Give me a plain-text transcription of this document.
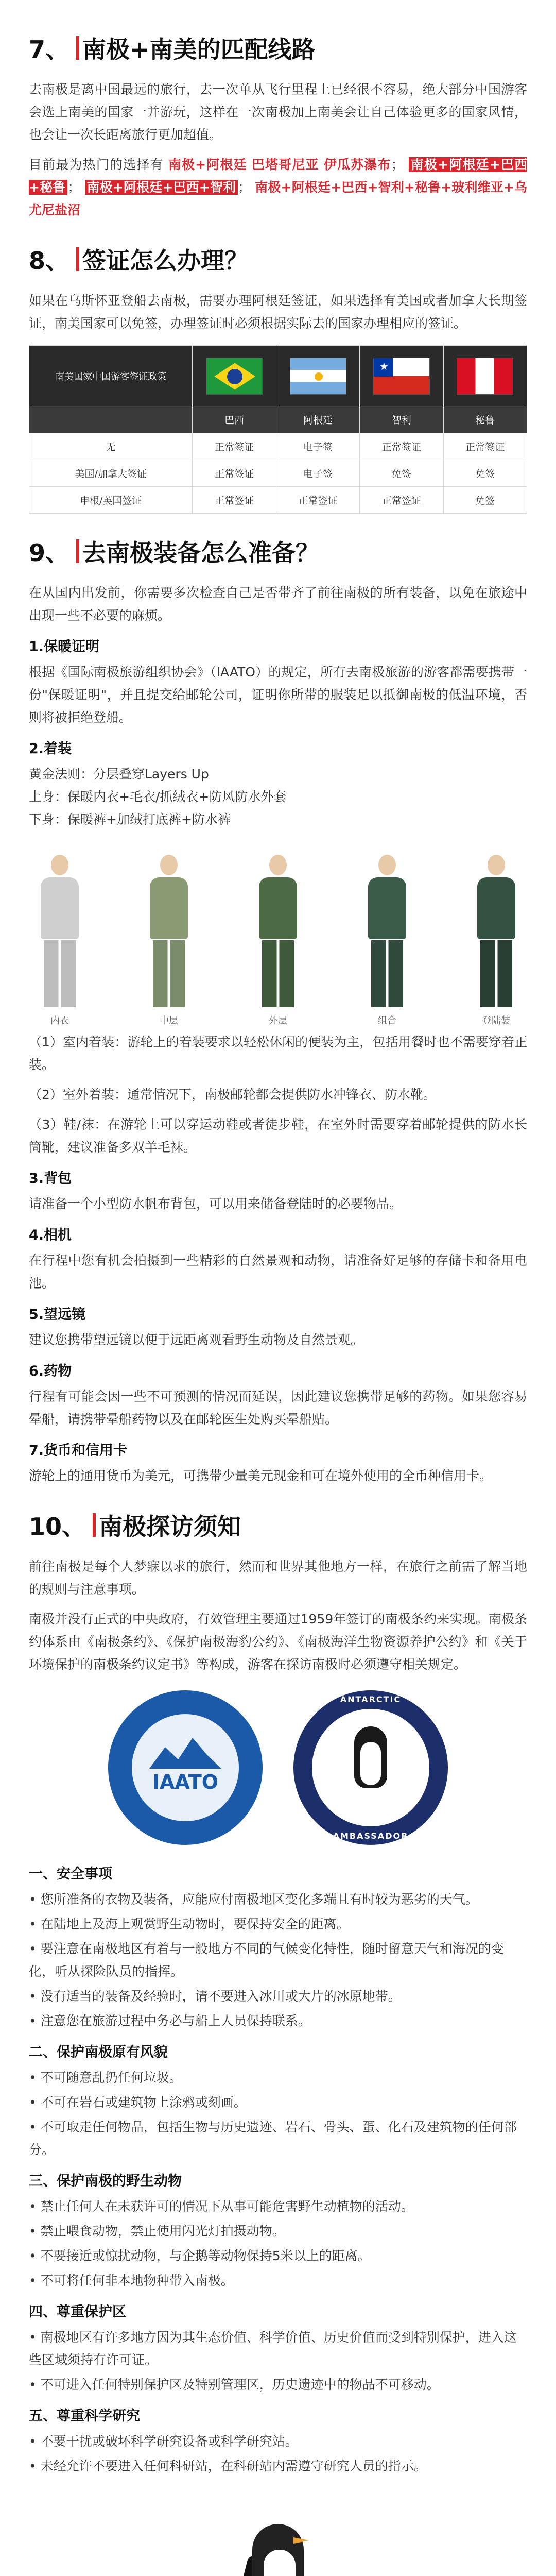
7、 南极+南美的匹配线路

去南极是离中国最远的旅行，去一次单从飞行里程上已经很不容易，绝大部分中国游客会选上南美的国家一并游玩，这样在一次南极加上南美会让自己体验更多的国家风情，也会让一次长距离旅行更加超值。

目前最为热门的选择有 南极+阿根廷 巴塔哥尼亚 伊瓜苏瀑布； 南极+阿根廷+巴西+秘鲁 ； 南极+阿根廷+巴西+智利 ； 南极+阿根廷+巴西+智利+秘鲁+玻利维亚+乌尤尼盐沼

8、 签证怎么办理？

如果在乌斯怀亚登船去南极，需要办理阿根廷签证，如果选择有美国或者加拿大长期签证，南美国家可以免签，办理签证时必须根据实际去的国家办理相应的签证。

南美国家中国游客签证政策			★	

	巴西	阿根廷	智利	秘鲁
无	正常签证	电子签	正常签证	正常签证
美国/加拿大签证	正常签证	电子签	免签	免签
申根/英国签证	正常签证	正常签证	正常签证	免签
9、 去南极装备怎么准备？

在从国内出发前，你需要多次检查自己是否带齐了前往南极的所有装备，以免在旅途中出现一些不必要的麻烦。

1.保暖证明

根据《国际南极旅游组织协会》（IAATO）的规定，所有去南极旅游的游客都需要携带一份"保暖证明"，并且提交给邮轮公司，证明你所带的服装足以抵御南极的低温环境，否则将被拒绝登船。

2.着装

黄金法则：分层叠穿Layers Up
上身：保暖内衣+毛衣/抓绒衣+防风防水外套
下身：保暖裤+加绒打底裤+防水裤

内衣	中层	外层	组合	登陆装

（1）室内着装：游轮上的着装要求以轻松休闲的便装为主，包括用餐时也不需要穿着正装。

（2）室外着装：通常情况下，南极邮轮都会提供防水冲锋衣、防水靴。

（3）鞋/袜：在游轮上可以穿运动鞋或者徒步鞋，在室外时需要穿着邮轮提供的防水长筒靴，建议准备多双羊毛袜。

3.背包

请准备一个小型防水帆布背包，可以用来储备登陆时的必要物品。

4.相机

在行程中您有机会拍摄到一些精彩的自然景观和动物，请准备好足够的存储卡和备用电池。

5.望远镜

建议您携带望远镜以便于远距离观看野生动物及自然景观。

6.药物

行程有可能会因一些不可预测的情况而延误，因此建议您携带足够的药物。如果您容易晕船，请携带晕船药物以及在邮轮医生处购买晕船贴。

7.货币和信用卡

游轮上的通用货币为美元，可携带少量美元现金和可在境外使用的全币种信用卡。

10、 南极探访须知

前往南极是每个人梦寐以求的旅行，然而和世界其他地方一样，在旅行之前需了解当地的规则与注意事项。

南极并没有正式的中央政府，有效管理主要通过1959年签订的南极条约来实现。南极条约体系由《南极条约》、《保护南极海豹公约》、《南极海洋生物资源养护公约》和《关于环境保护的南极条约议定书》等构成，游客在探访南极时必须遵守相关规定。

IAATO
ANTARCTIC
AMBASSADOR
一、安全事项
• 您所准备的衣物及装备，应能应付南极地区变化多端且有时较为恶劣的天气。
• 在陆地上及海上观赏野生动物时，要保持安全的距离。
• 要注意在南极地区有着与一般地方不同的气候变化特性，随时留意天气和海况的变化，听从探险队员的指挥。
• 没有适当的装备及经验时，请不要进入冰川或大片的冰原地带。
• 注意您在旅游过程中务必与船上人员保持联系。
二、保护南极原有风貌
• 不可随意乱扔任何垃圾。
• 不可在岩石或建筑物上涂鸦或刻画。
• 不可取走任何物品，包括生物与历史遗迹、岩石、骨头、蛋、化石及建筑物的任何部分。
三、保护南极的野生动物
• 禁止任何人在未获许可的情况下从事可能危害野生动植物的活动。
• 禁止喂食动物，禁止使用闪光灯拍摄动物。
• 不要接近或惊扰动物，与企鹅等动物保持5米以上的距离。
• 不可将任何非本地物种带入南极。
四、尊重保护区
• 南极地区有许多地方因为其生态价值、科学价值、历史价值而受到特别保护，进入这些区域须持有许可证。
• 不可进入任何特别保护区及特别管理区，历史遗迹中的物品不可移动。
五、尊重科学研究
• 不要干扰或破坏科学研究设备或科学研究站。
• 未经允许不要进入任何科研站，在科研站内需遵守研究人员的指示。
